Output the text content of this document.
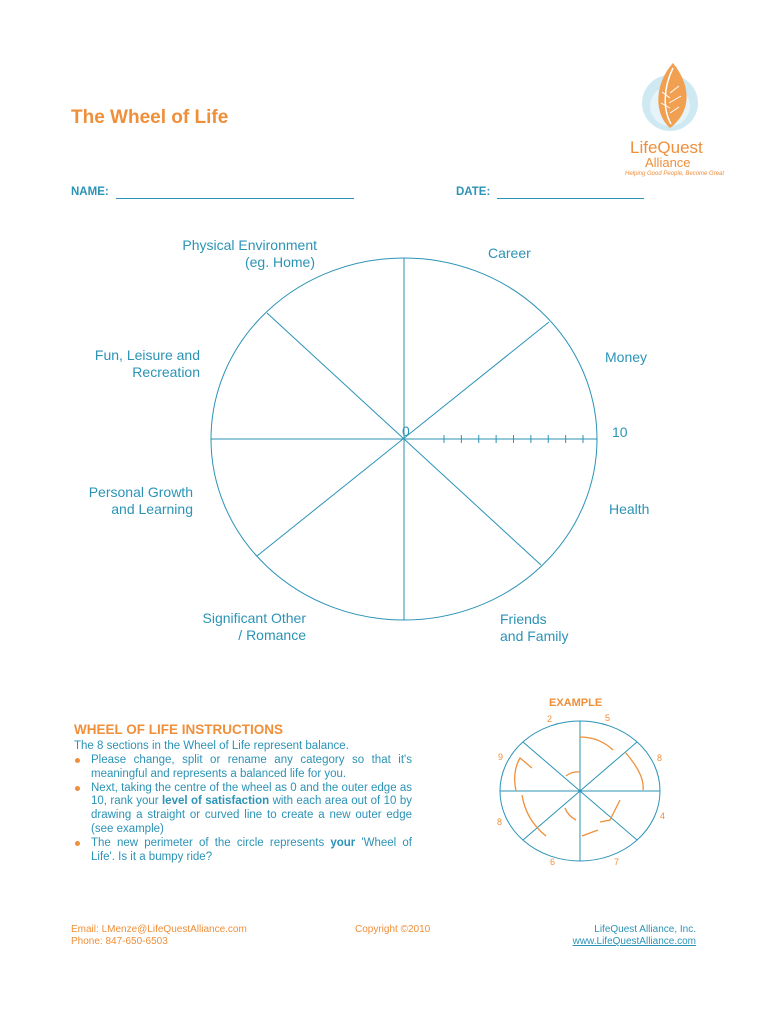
The Wheel of Life
LifeQuest
Alliance
Helping Good People, Become Great
NAME:	DATE:
Physical Environment
(eg. Home)
Career
Fun, Leisure and
Recreation
Money
Personal Growth
and Learning	Health
Significant Other
/ Romance
Friends
and Family
0	10
WHEEL OF LIFE INSTRUCTIONS
The 8 sections in the Wheel of Life represent balance.
Please change, split or rename any category so that it's meaningful and represents a balanced life for you.
Next, taking the centre of the wheel as 0 and the outer edge as 10, rank your level of satisfaction with each area out of 10 by drawing a straight or curved line to create a new outer edge (see example)
The new perimeter of the circle represents your 'Wheel of Life'. Is it a bumpy ride?
EXAMPLE
2	5
9	8
8
4
6	7
Email: LMenze@LifeQuestAlliance.com
Phone: 847-650-6503
Copyright ©2010	LifeQuest Alliance, Inc.
www.LifeQuestAlliance.com
